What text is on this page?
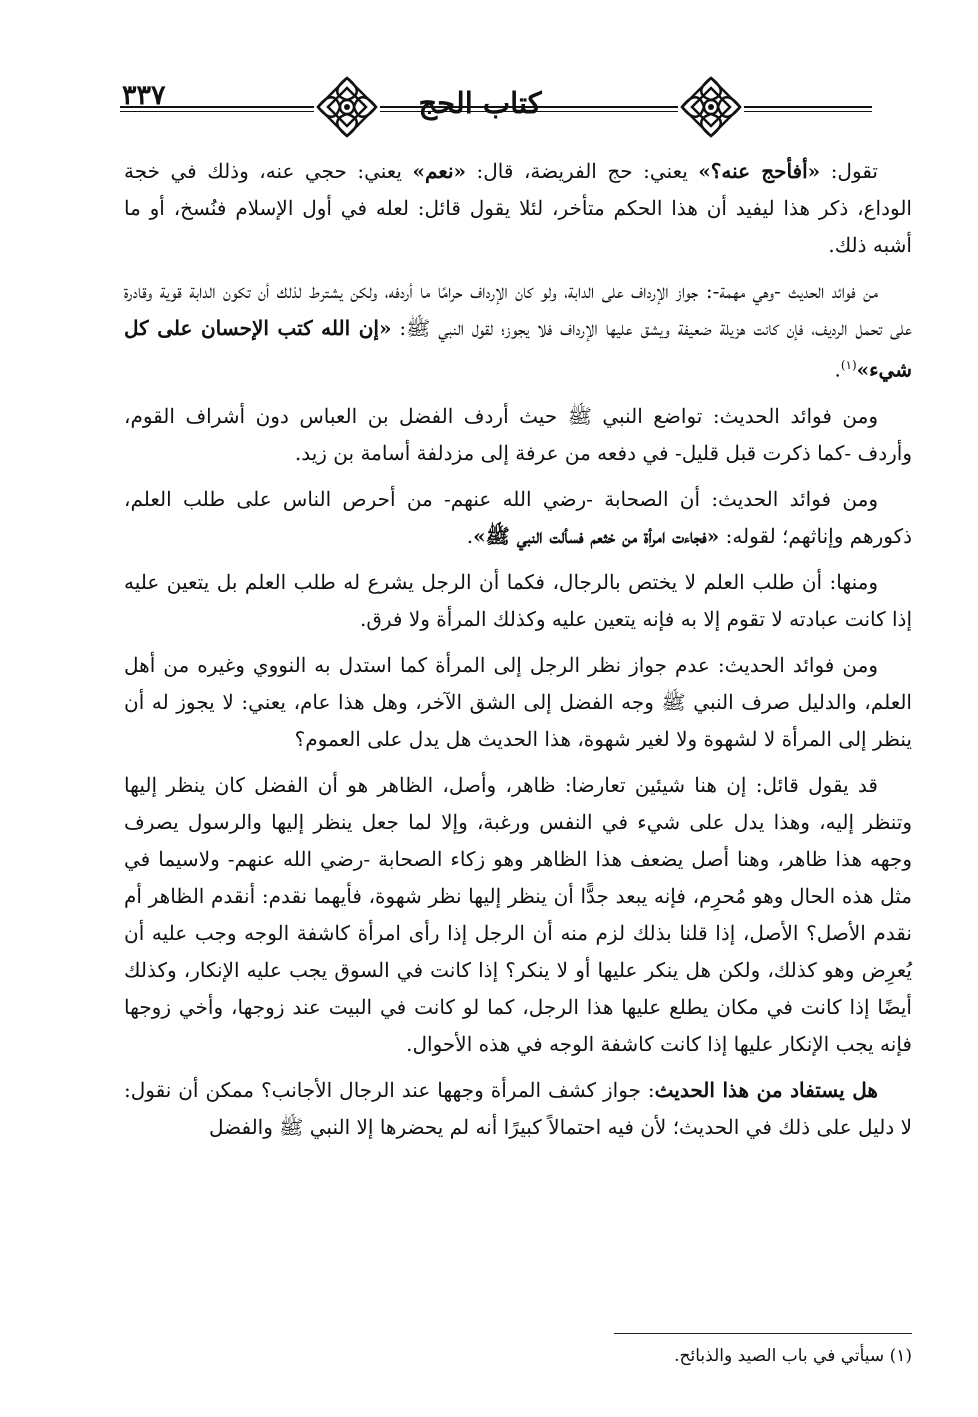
٣٣٧	كتاب الحج

تقول: «أفأحج عنه؟» يعني: حج الفريضة، قال: «نعم» يعني: حجي عنه، وذلك في خجة الوداع، ذكر هذا ليفيد أن هذا الحكم متأخر، لئلا يقول قائل: لعله في أول الإسلام فنُسخ، أو ما أشبه ذلك.

من فوائد الحديث -وهي مهمة-: جواز الإرداف على الدابة، ولو كان الإرداف حرامًا ما أردفه، ولكن يشترط لذلك أن تكون الدابة قوية وقادرة على تحمل الرديف، فإن كانت هزيلة ضعيفة ويشق عليها الإرداف فلا يجوز؛ لقول النبي ﷺ: «إن الله كتب الإحسان على كل شيء»$^{(١)}$.

ومن فوائد الحديث: تواضع النبي ﷺ حيث أردف الفضل بن العباس دون أشراف القوم، وأردف -كما ذكرت قبل قليل- في دفعه من عرفة إلى مزدلفة أسامة بن زيد.

ومن فوائد الحديث: أن الصحابة -رضي الله عنهم- من أحرص الناس على طلب العلم، ذكورهم وإناثهم؛ لقوله: «فجاءت امرأة من خثعم فسألت النبي ﷺ».

ومنها: أن طلب العلم لا يختص بالرجال، فكما أن الرجل يشرع له طلب العلم بل يتعين عليه إذا كانت عبادته لا تقوم إلا به فإنه يتعين عليه وكذلك المرأة ولا فرق.

ومن فوائد الحديث: عدم جواز نظر الرجل إلى المرأة كما استدل به النووي وغيره من أهل العلم، والدليل صرف النبي ﷺ وجه الفضل إلى الشق الآخر، وهل هذا عام، يعني: لا يجوز له أن ينظر إلى المرأة لا لشهوة ولا لغير شهوة، هذا الحديث هل يدل على العموم؟

قد يقول قائل: إن هنا شيئين تعارضا: ظاهر، وأصل، الظاهر هو أن الفضل كان ينظر إليها وتنظر إليه، وهذا يدل على شيء في النفس ورغبة، وإلا لما جعل ينظر إليها والرسول يصرف وجهه هذا ظاهر، وهنا أصل يضعف هذا الظاهر وهو زكاء الصحابة -رضي الله عنهم- ولاسيما في مثل هذه الحال وهو مُحرِم، فإنه يبعد جدًّا أن ينظر إليها نظر شهوة، فأيهما نقدم: أنقدم الظاهر أم نقدم الأصل؟ الأصل، إذا قلنا بذلك لزم منه أن الرجل إذا رأى امرأة كاشفة الوجه وجب عليه أن يُعرِض وهو كذلك، ولكن هل ينكر عليها أو لا ينكر؟ إذا كانت في السوق يجب عليه الإنكار، وكذلك أيضًا إذا كانت في مكان يطلع عليها هذا الرجل، كما لو كانت في البيت عند زوجها، وأخي زوجها فإنه يجب الإنكار عليها إذا كانت كاشفة الوجه في هذه الأحوال.

هل يستفاد من هذا الحديث: جواز كشف المرأة وجهها عند الرجال الأجانب؟ ممكن أن نقول: لا دليل على ذلك في الحديث؛ لأن فيه احتمالاً كبيرًا أنه لم يحضرها إلا النبي ﷺ والفضل

(١) سيأتي في باب الصيد والذبائح.
